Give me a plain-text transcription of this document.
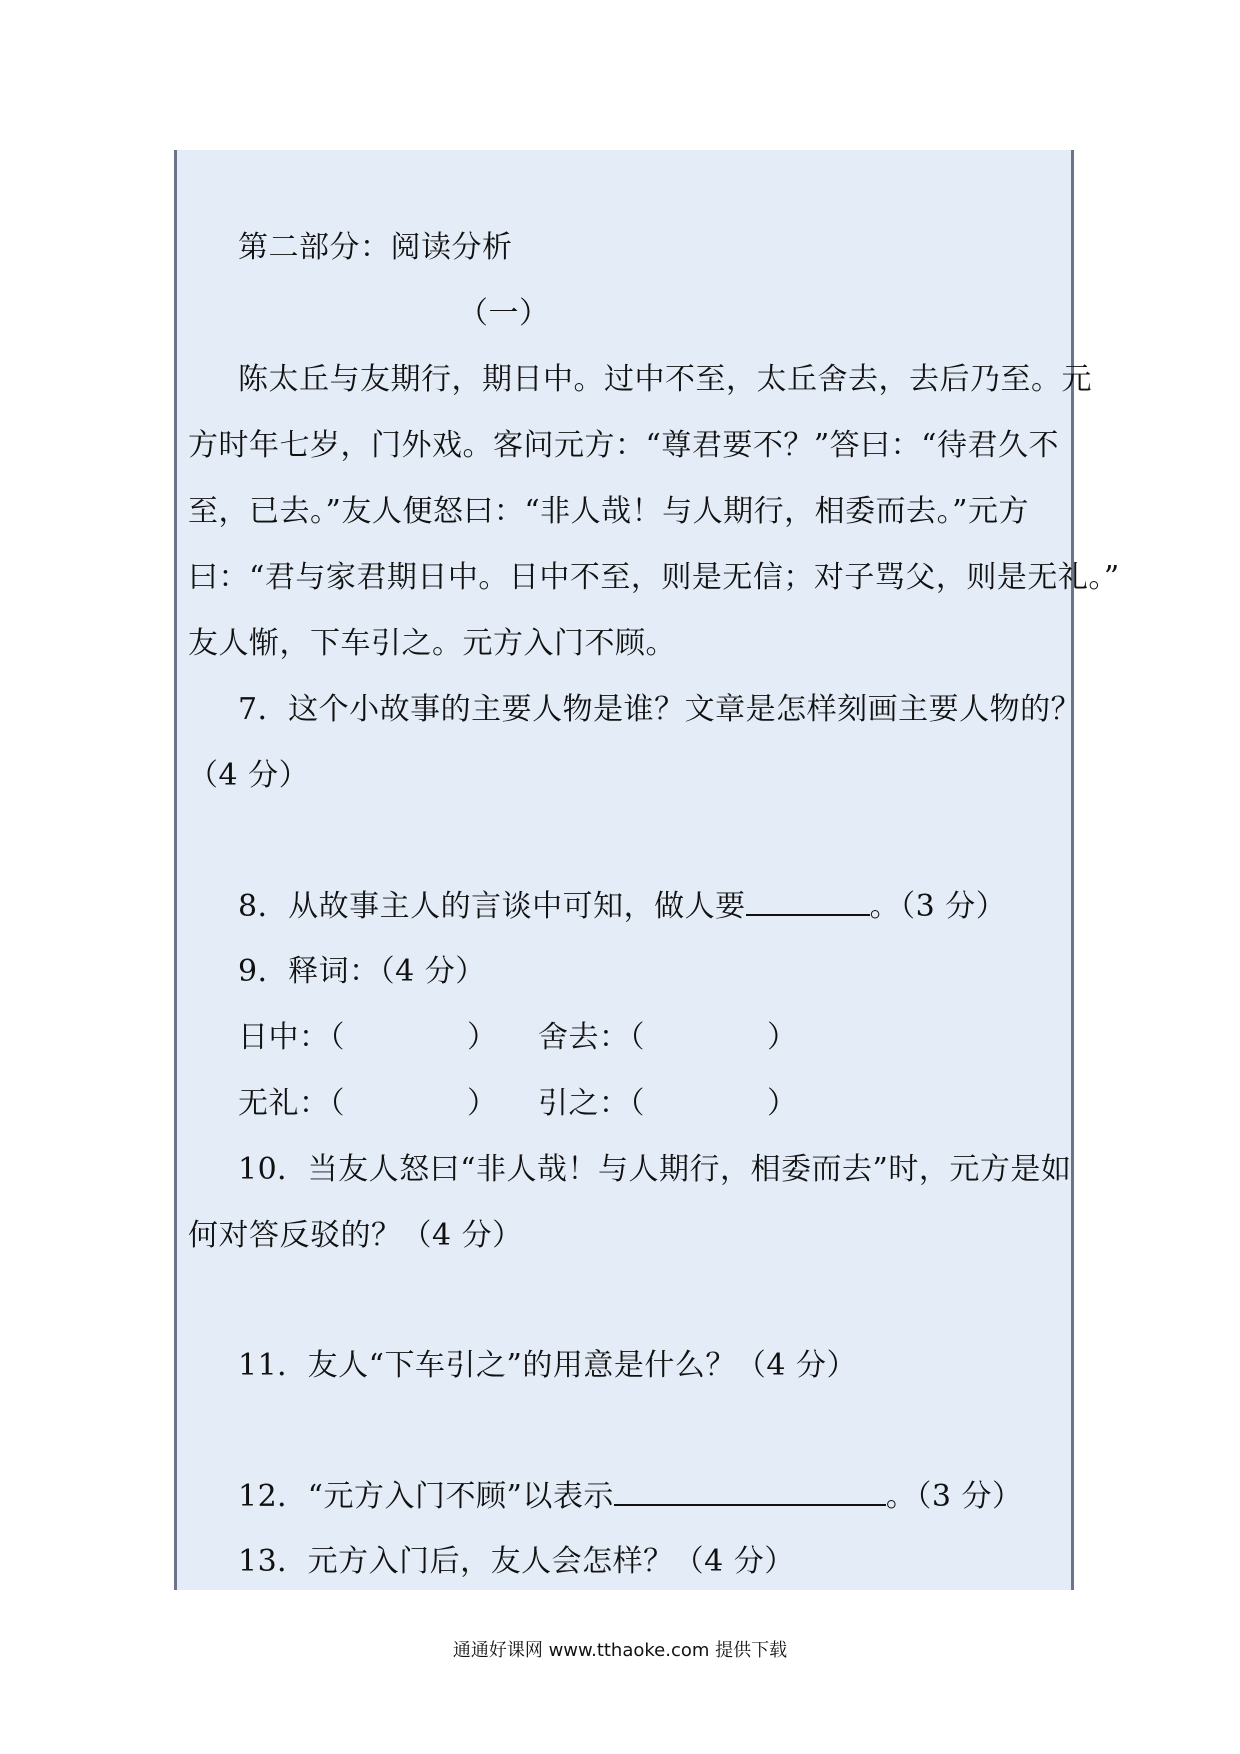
第二部分：阅读分析
（一）
陈太丘与友期行，期日中。过中不至，太丘舍去，去后乃至。元
方时年七岁，门外戏。客问元方：“尊君要不？”答曰：“待君久不
至，已去。”友人便怒曰：“非人哉！与人期行，相委而去。”元方
曰：“君与家君期日中。日中不至，则是无信；对子骂父，则是无礼。”
友人惭，下车引之。元方入门不顾。
7．这个小故事的主要人物是谁？文章是怎样刻画主要人物的？
（4 分）
8．从故事主人的言谈中可知，做人要	。（3 分）
9．释词：（4 分）
日中：（　　　　） 舍去：（　　　　）
无礼：（　　　　） 引之：（　　　　）
10．当友人怒曰“非人哉！与人期行，相委而去”时，元方是如
何对答反驳的？（4 分）
11．友人“下车引之”的用意是什么？（4 分）
12．“元方入门不顾”以表示	。（3 分）
13．元方入门后，友人会怎样？（4 分）
通通好课网 www.tthaoke.com 提供下载
